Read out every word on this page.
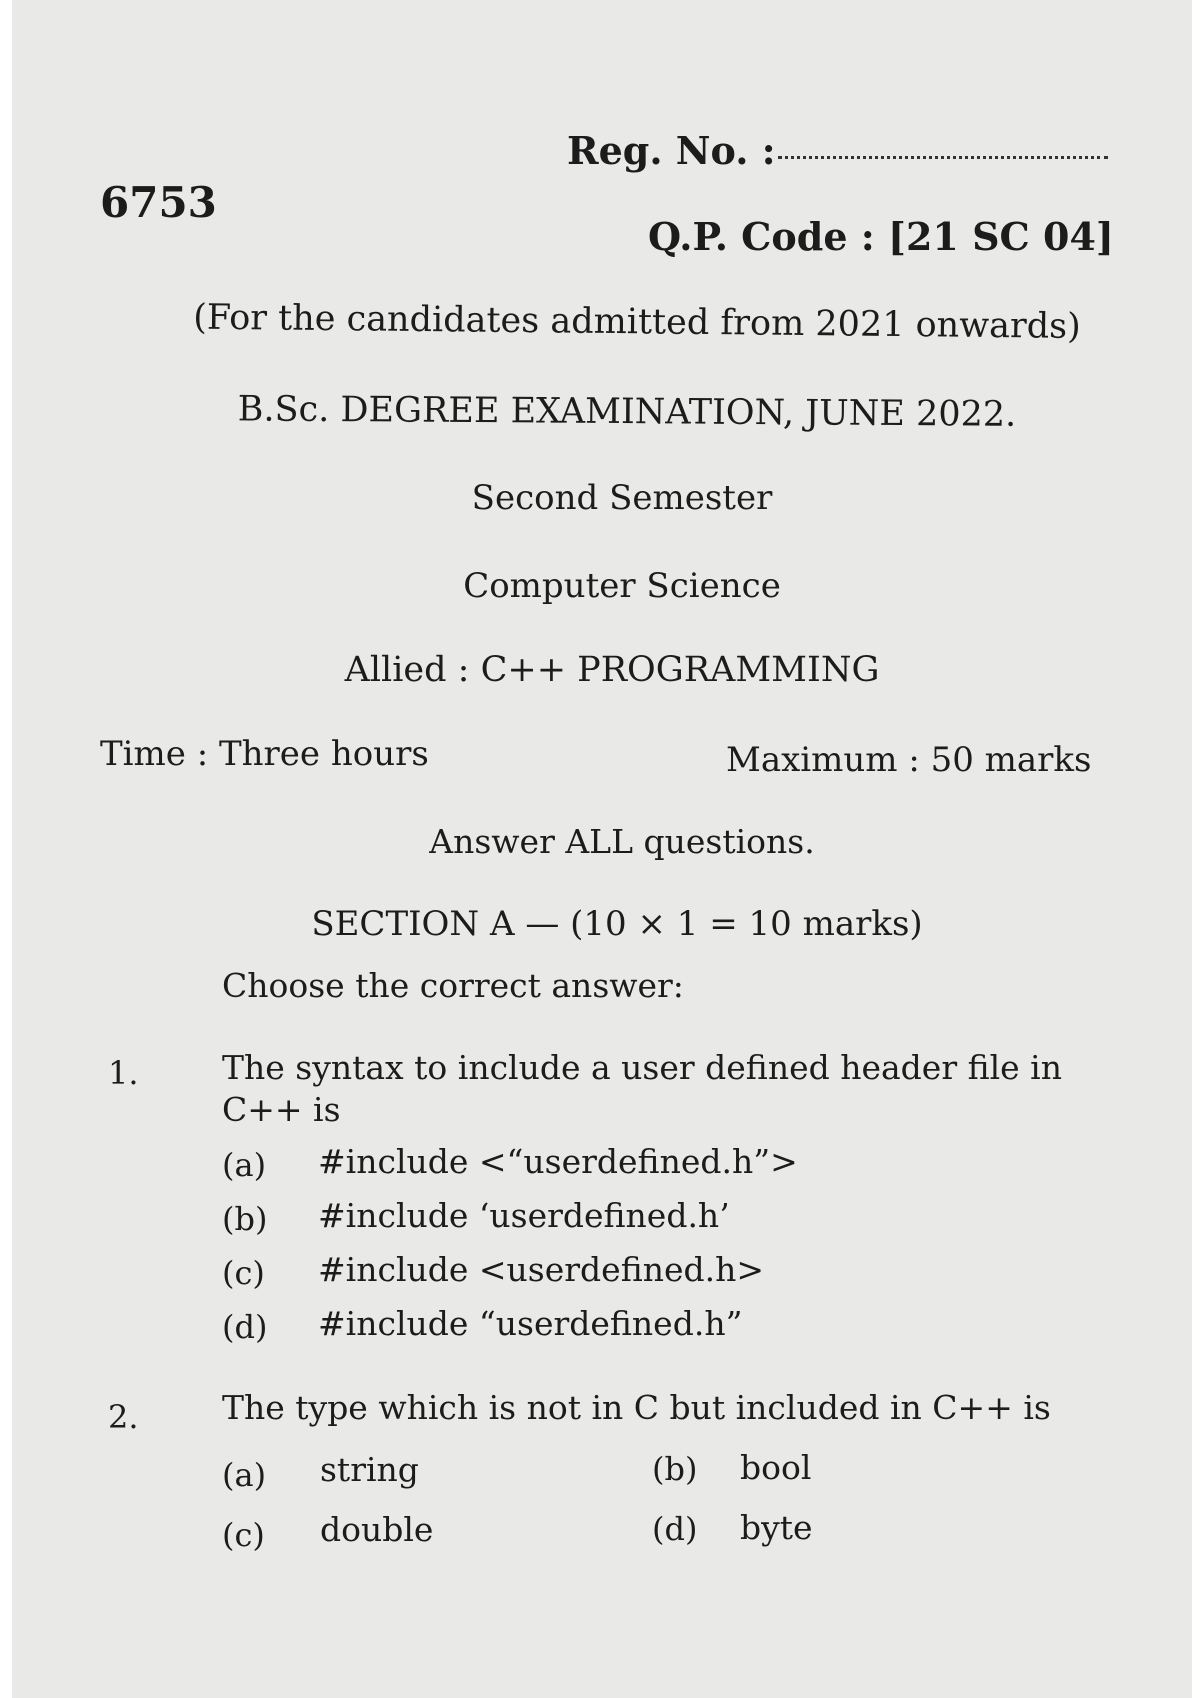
Reg. No. :
6753
Q.P. Code : [21 SC 04]
(For the candidates admitted from 2021 onwards)
B.Sc. DEGREE EXAMINATION, JUNE 2022.
Second Semester
Computer Science
Allied : C++ PROGRAMMING
Time : Three hours	Maximum : 50 marks
Answer ALL questions.
SECTION A — (10 × 1 = 10 marks)
Choose the correct answer:
1.	The syntax to include a user defined header file in
C++ is
(a) #include <“userdefined.h”>
(b) #include ‘userdefined.h’
(c) #include <userdefined.h>
(d) #include “userdefined.h”
2.	The type which is not in C but included in C++ is
(a) string	(b) bool
(c) double	(d) byte
